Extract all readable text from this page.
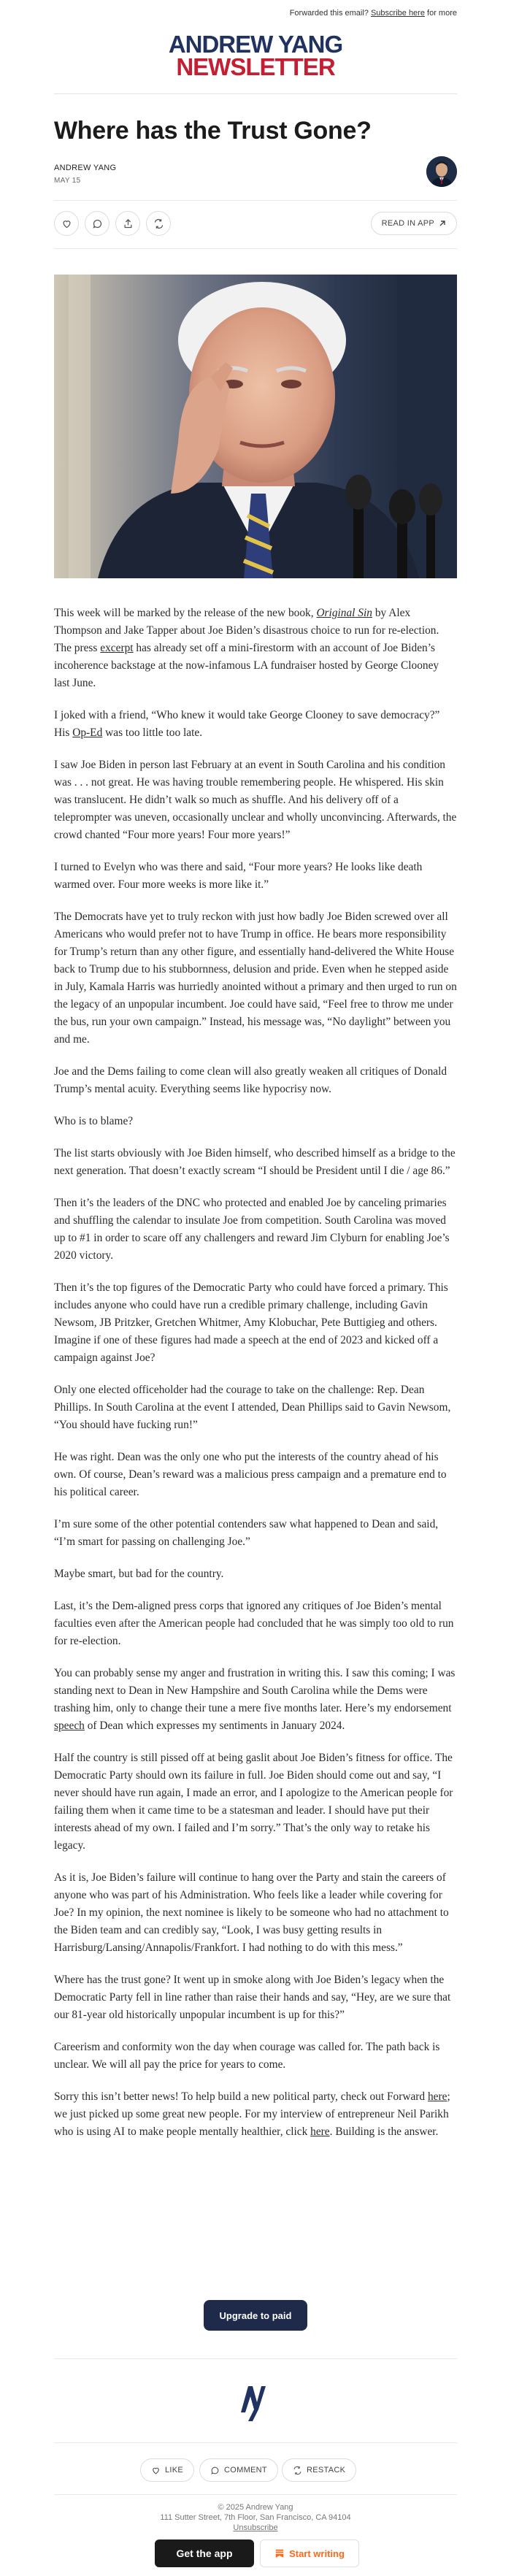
Forwarded this email? Subscribe here for more
ANDREW YANG
NEWSLETTER
Where has the Trust Gone?
ANDREW YANG
MAY 15
READ IN APP

This week will be marked by the release of the new book, Original Sin by Alex Thompson and Jake Tapper about Joe Biden’s disastrous choice to run for re-election. The press excerpt has already set off a mini-firestorm with an account of Joe Biden’s incoherence backstage at the now-infamous LA fundraiser hosted by George Clooney last June.

I joked with a friend, “Who knew it would take George Clooney to save democracy?” His Op-Ed was too little too late.

I saw Joe Biden in person last February at an event in South Carolina and his condition was . . . not great. He was having trouble remembering people. He whispered. His skin was translucent. He didn’t walk so much as shuffle. And his delivery off of a teleprompter was uneven, occasionally unclear and wholly unconvincing. Afterwards, the crowd chanted “Four more years! Four more years!”

I turned to Evelyn who was there and said, “Four more years? He looks like death warmed over. Four more weeks is more like it.”

The Democrats have yet to truly reckon with just how badly Joe Biden screwed over all Americans who would prefer not to have Trump in office. He bears more responsibility for Trump’s return than any other figure, and essentially hand-delivered the White House back to Trump due to his stubbornness, delusion and pride. Even when he stepped aside in July, Kamala Harris was hurriedly anointed without a primary and then urged to run on the legacy of an unpopular incumbent. Joe could have said, “Feel free to throw me under the bus, run your own campaign.” Instead, his message was, “No daylight” between you and me.

Joe and the Dems failing to come clean will also greatly weaken all critiques of Donald Trump’s mental acuity. Everything seems like hypocrisy now.

Who is to blame?

The list starts obviously with Joe Biden himself, who described himself as a bridge to the next generation. That doesn’t exactly scream “I should be President until I die / age 86.”

Then it’s the leaders of the DNC who protected and enabled Joe by canceling primaries and shuffling the calendar to insulate Joe from competition. South Carolina was moved up to #1 in order to scare off any challengers and reward Jim Clyburn for enabling Joe’s 2020 victory.

Then it’s the top figures of the Democratic Party who could have forced a primary. This includes anyone who could have run a credible primary challenge, including Gavin Newsom, JB Pritzker, Gretchen Whitmer, Amy Klobuchar, Pete Buttigieg and others. Imagine if one of these figures had made a speech at the end of 2023 and kicked off a campaign against Joe?

Only one elected officeholder had the courage to take on the challenge: Rep. Dean Phillips. In South Carolina at the event I attended, Dean Phillips said to Gavin Newsom, “You should have fucking run!”

He was right. Dean was the only one who put the interests of the country ahead of his own. Of course, Dean’s reward was a malicious press campaign and a premature end to his political career.

I’m sure some of the other potential contenders saw what happened to Dean and said, “I’m smart for passing on challenging Joe.”

Maybe smart, but bad for the country.

Last, it’s the Dem-aligned press corps that ignored any critiques of Joe Biden’s mental faculties even after the American people had concluded that he was simply too old to run for re-election.

You can probably sense my anger and frustration in writing this. I saw this coming; I was standing next to Dean in New Hampshire and South Carolina while the Dems were trashing him, only to change their tune a mere five months later. Here’s my endorsement speech of Dean which expresses my sentiments in January 2024.

Half the country is still pissed off at being gaslit about Joe Biden’s fitness for office. The Democratic Party should own its failure in full. Joe Biden should come out and say, “I never should have run again, I made an error, and I apologize to the American people for failing them when it came time to be a statesman and leader. I should have put their interests ahead of my own. I failed and I’m sorry.” That’s the only way to retake his legacy.

As it is, Joe Biden’s failure will continue to hang over the Party and stain the careers of anyone who was part of his Administration. Who feels like a leader while covering for Joe? In my opinion, the next nominee is likely to be someone who had no attachment to the Biden team and can credibly say, “Look, I was busy getting results in Harrisburg/Lansing/Annapolis/Frankfort. I had nothing to do with this mess.”

Where has the trust gone? It went up in smoke along with Joe Biden’s legacy when the Democratic Party fell in line rather than raise their hands and say, “Hey, are we sure that our 81-year old historically unpopular incumbent is up for this?”

Careerism and conformity won the day when courage was called for. The path back is unclear. We will all pay the price for years to come.

Sorry this isn’t better news! To help build a new political party, check out Forward here; we just picked up some great new people. For my interview of entrepreneur Neil Parikh who is using AI to make people mentally healthier, click here. Building is the answer.

Upgrade to paid
LIKE	COMMENT	RESTACK
© 2025 Andrew Yang
111 Sutter Street, 7th Floor, San Francisco, CA 94104
Unsubscribe
Get the app	Start writing
